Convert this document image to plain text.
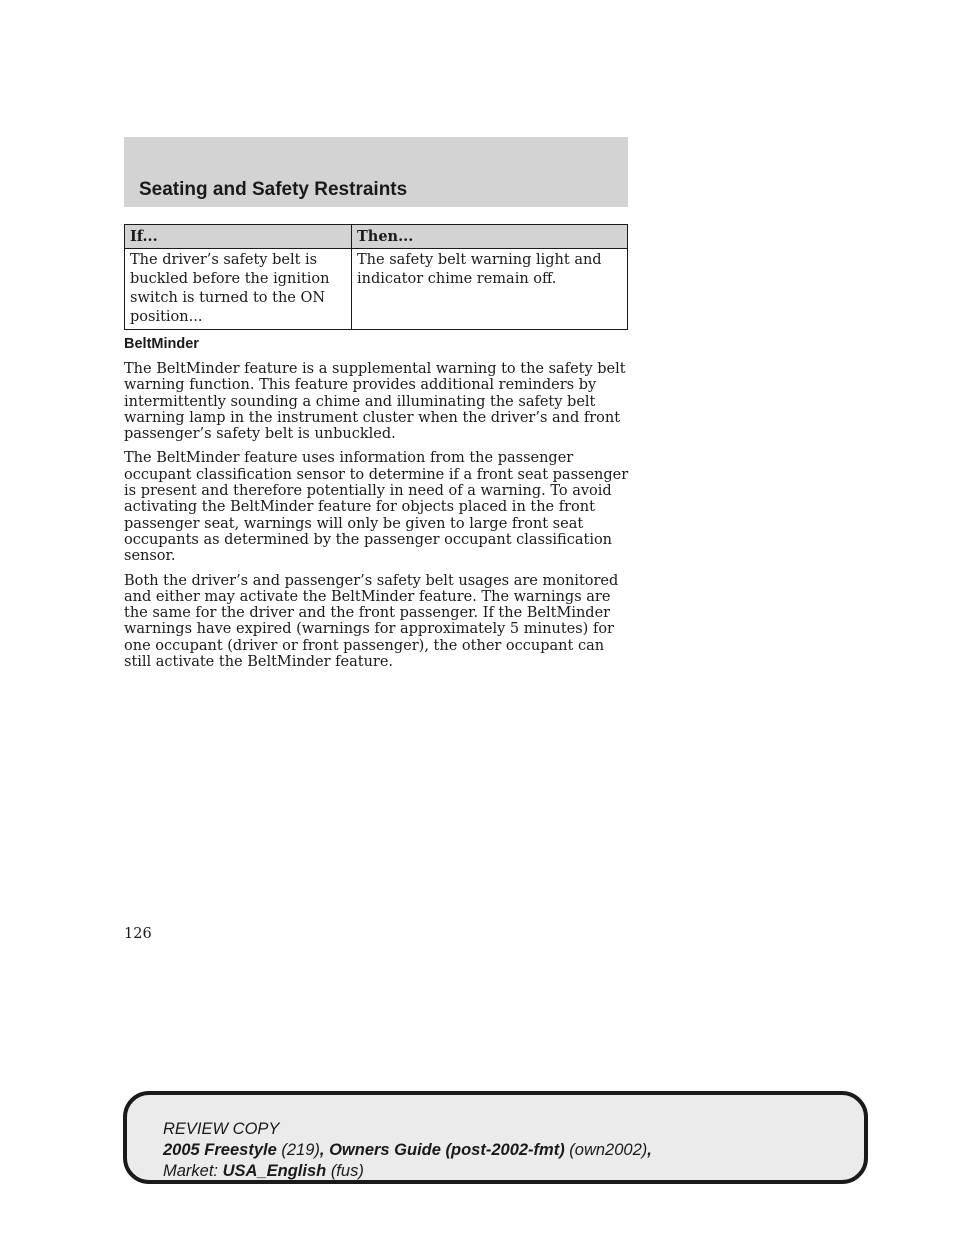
Seating and Safety Restraints
If...	Then...
The driver’s safety belt is buckled before the ignition switch is turned to the ON position...	The safety belt warning light and indicator chime remain off.
BeltMinder

The BeltMinder feature is a supplemental warning to the safety belt warning function. This feature provides additional reminders by intermittently sounding a chime and illuminating the safety belt warning lamp in the instrument cluster when the driver’s and front passenger’s safety belt is unbuckled.

The BeltMinder feature uses information from the passenger occupant classification sensor to determine if a front seat passenger is present and therefore potentially in need of a warning. To avoid activating the BeltMinder feature for objects placed in the front passenger seat, warnings will only be given to large front seat occupants as determined by the passenger occupant classification sensor.

Both the driver’s and passenger’s safety belt usages are monitored and either may activate the BeltMinder feature. The warnings are the same for the driver and the front passenger. If the BeltMinder warnings have expired (warnings for approximately 5 minutes) for one occupant (driver or front passenger), the other occupant can still activate the BeltMinder feature.

126
REVIEW COPY
2005 Freestyle (219), Owners Guide (post-2002-fmt) (own2002),
Market: USA_English (fus)
